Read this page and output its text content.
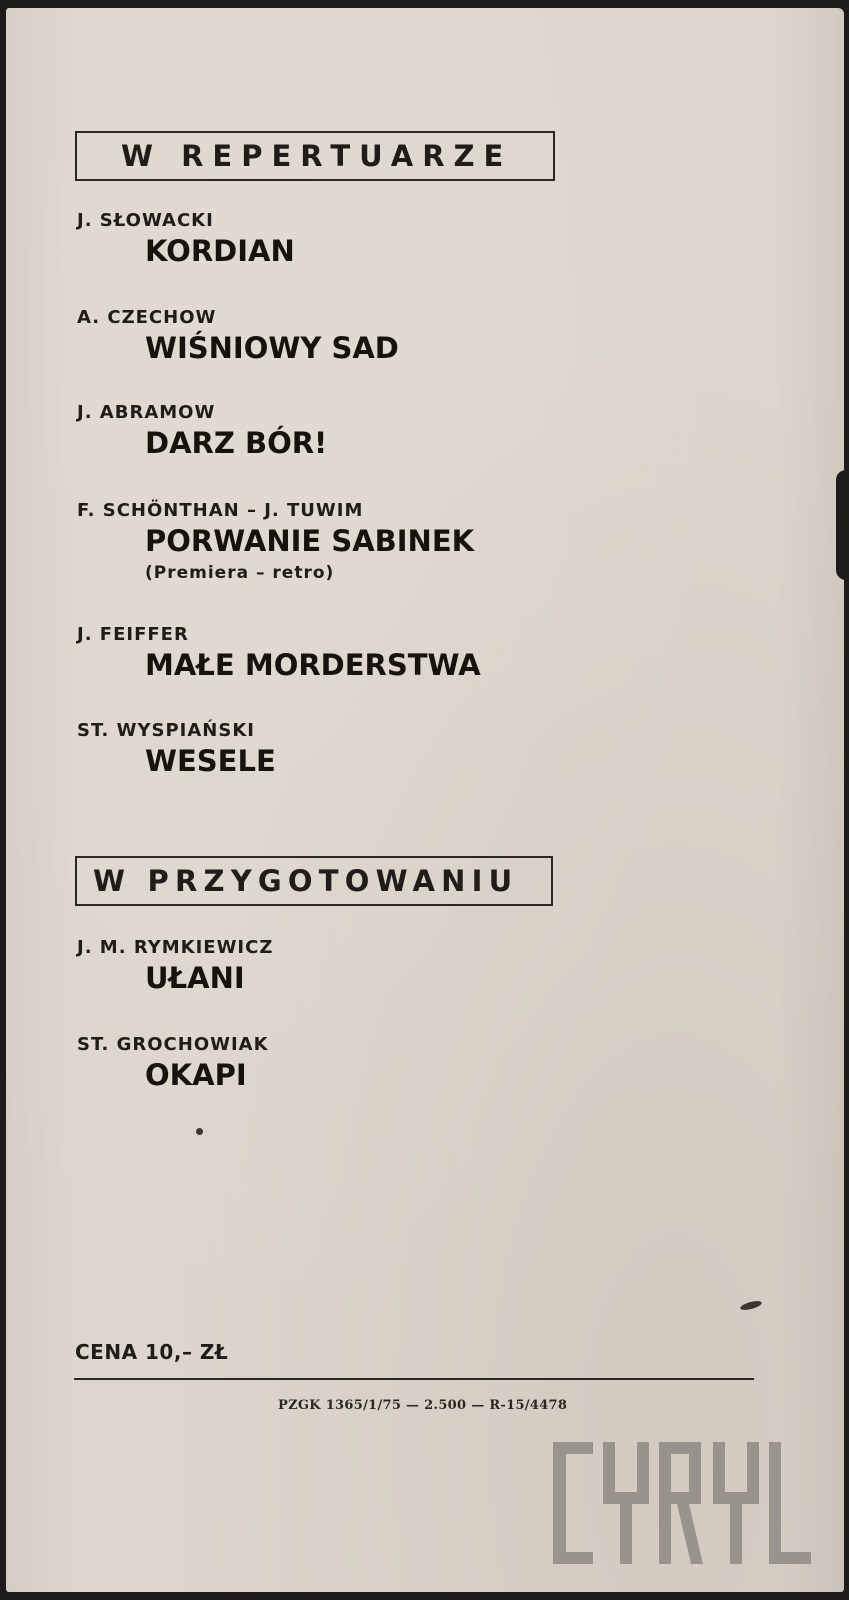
W REPERTUARZE
J. SŁOWACKI
KORDIAN
A. CZECHOW
WIŚNIOWY SAD
J. ABRAMOW
DARZ BÓR!
F. SCHÖNTHAN – J. TUWIM
PORWANIE SABINEK
(Premiera – retro)
J. FEIFFER
MAŁE MORDERSTWA
ST. WYSPIAŃSKI
WESELE
W PRZYGOTOWANIU
J. M. RYMKIEWICZ
UŁANI
ST. GROCHOWIAK
OKAPI
CENA 10,– ZŁ
PZGK 1365/1/75 — 2.500 — R-15/4478
